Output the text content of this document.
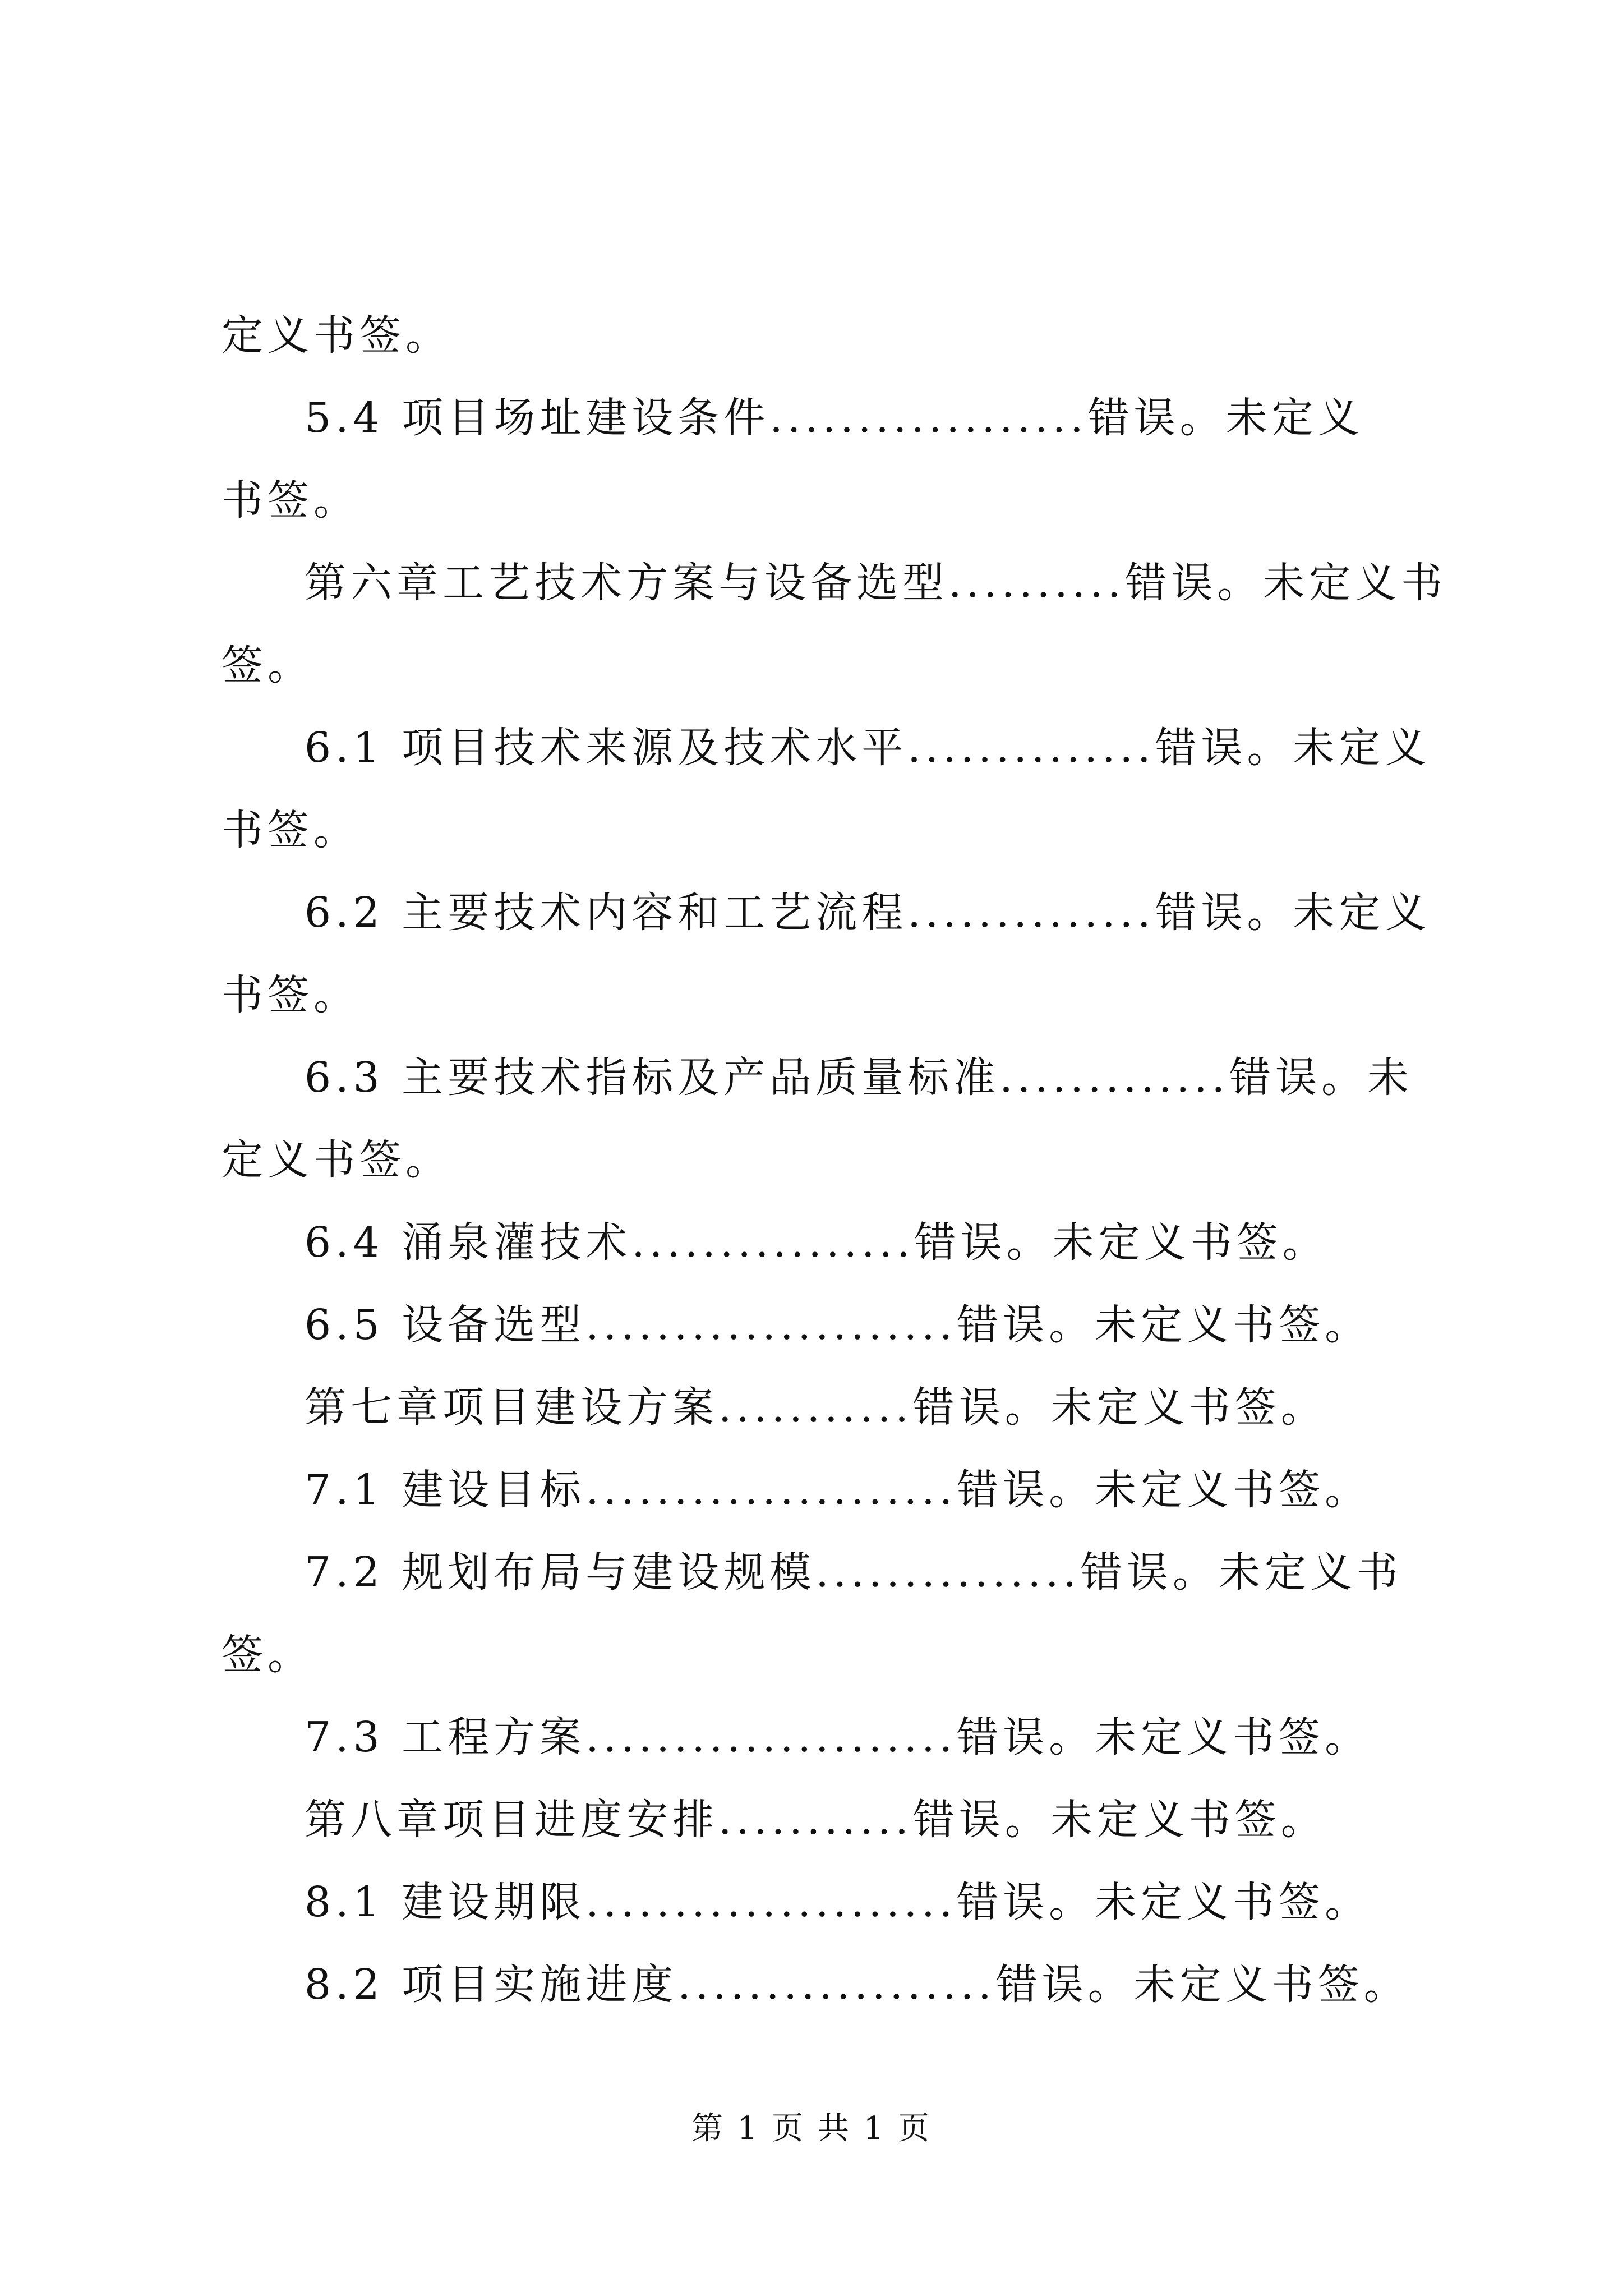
定义书签。
5.4 项目场址建设条件..................错误。未定义
书签。
第六章工艺技术方案与设备选型..........错误。未定义书
签。
6.1 项目技术来源及技术水平..............错误。未定义
书签。
6.2 主要技术内容和工艺流程..............错误。未定义
书签。
6.3 主要技术指标及产品质量标准.............错误。未
定义书签。
6.4 涌泉灌技术................错误。未定义书签。
6.5 设备选型.....................错误。未定义书签。
第七章项目建设方案...........错误。未定义书签。
7.1 建设目标.....................错误。未定义书签。
7.2 规划布局与建设规模...............错误。未定义书
签。
7.3 工程方案.....................错误。未定义书签。
第八章项目进度安排...........错误。未定义书签。
8.1 建设期限.....................错误。未定义书签。
8.2 项目实施进度..................错误。未定义书签。
第 1 页 共 1 页
